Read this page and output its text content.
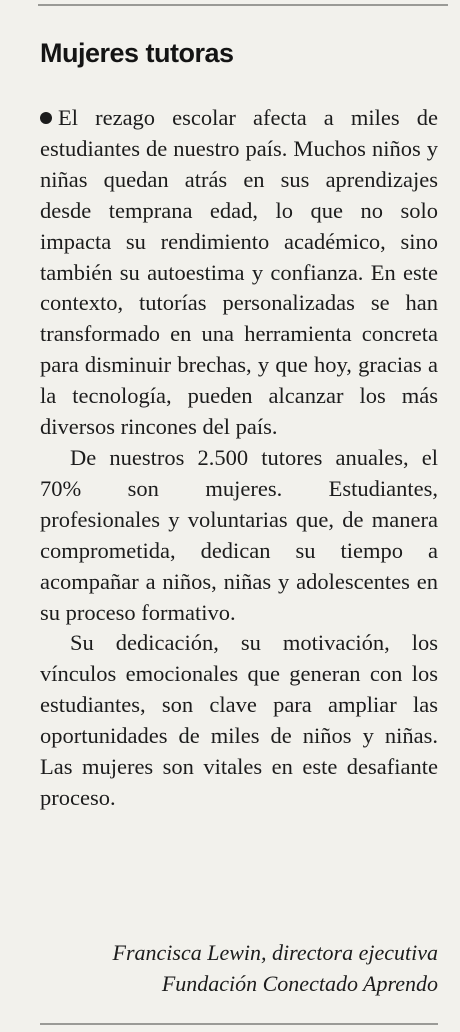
Mujeres tutoras

El rezago escolar afecta a miles de estudiantes de nuestro país. Muchos niños y niñas quedan atrás en sus aprendizajes desde temprana edad, lo que no solo impacta su rendimiento académico, sino también su autoestima y confianza. En este contexto, tutorías personalizadas se han transformado en una herramienta concreta para disminuir brechas, y que hoy, gracias a la tecnología, pueden alcanzar los más diversos rincones del país.

De nuestros 2.500 tutores anuales, el 70% son mujeres. Estudiantes, profesionales y voluntarias que, de manera comprometida, dedican su tiempo a acompañar a niños, niñas y adolescentes en su proceso formativo.

Su dedicación, su motivación, los vínculos emocionales que generan con los estudiantes, son clave para ampliar las oportunidades de miles de niños y niñas. Las mujeres son vitales en este desafiante proceso.

Francisca Lewin, directora ejecutiva
Fundación Conectado Aprendo
